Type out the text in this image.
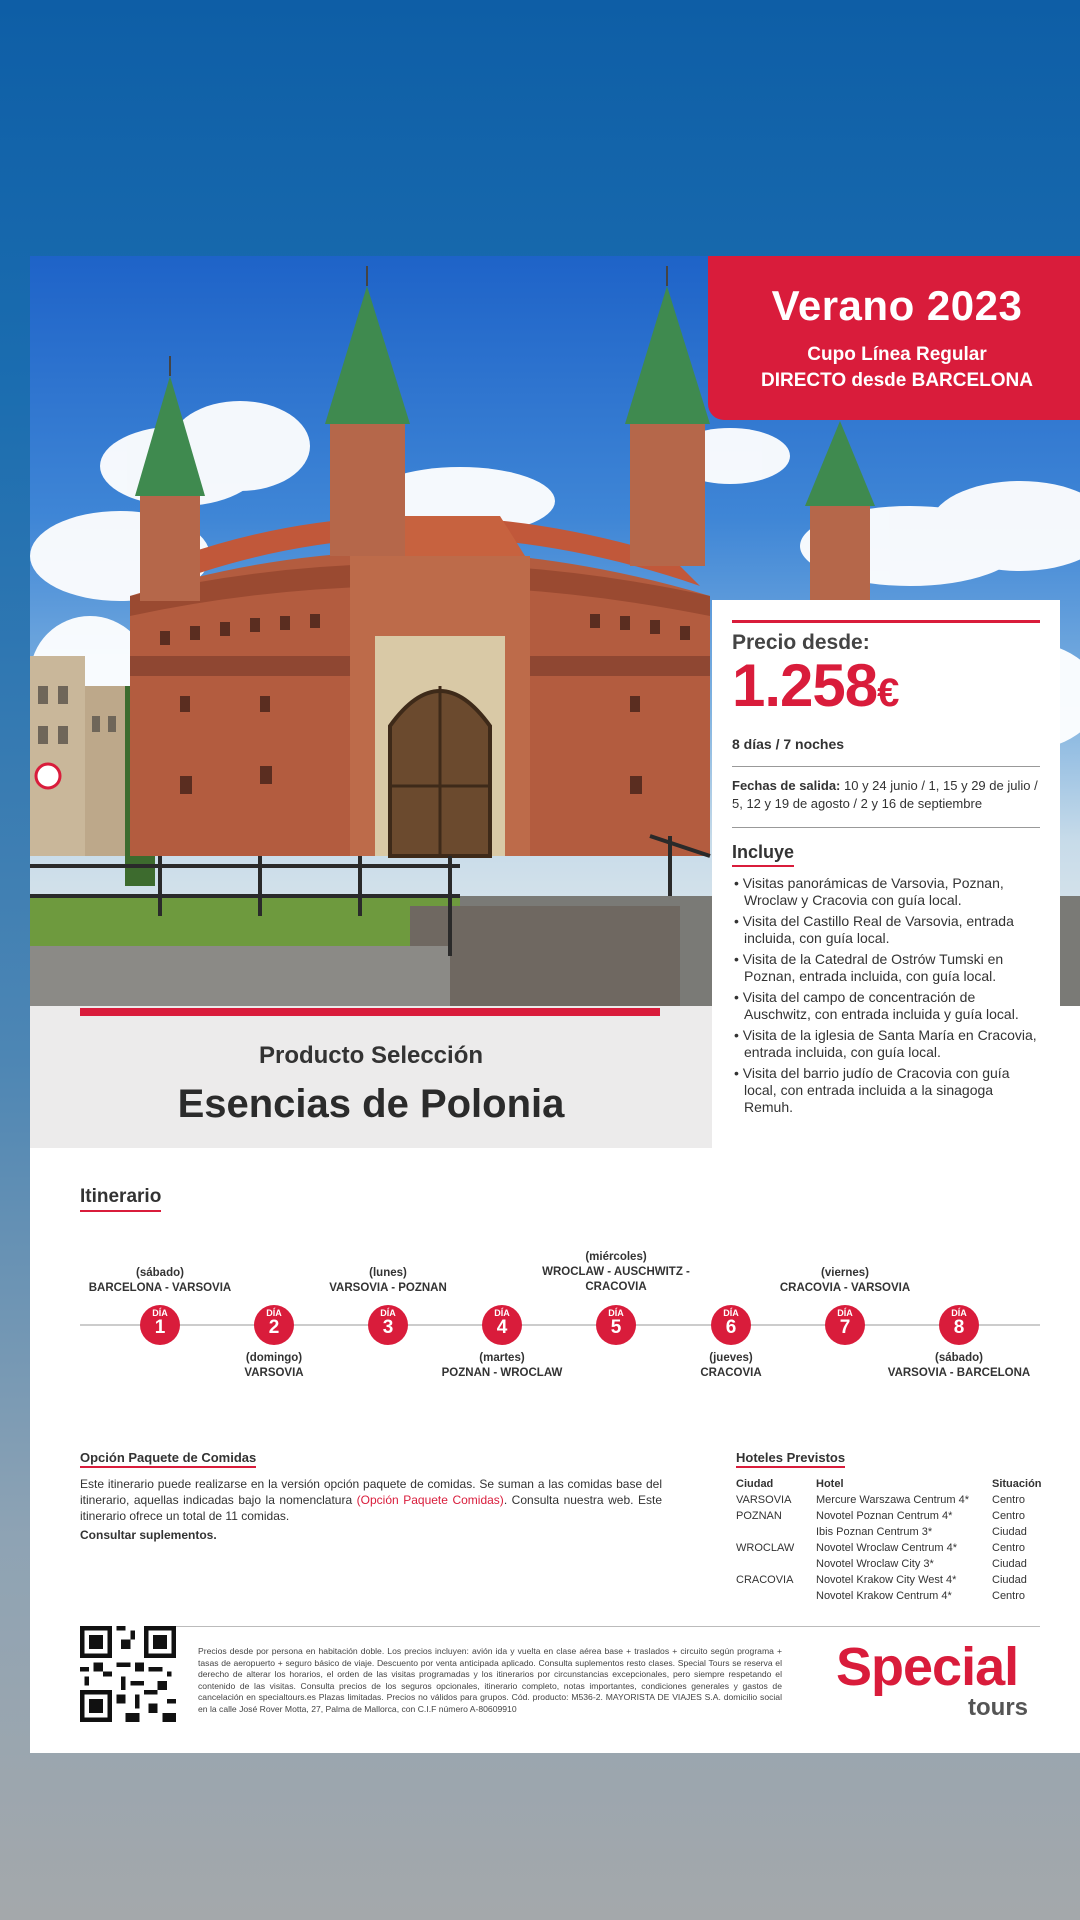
Verano 2023
Cupo Línea Regular
DIRECTO desde BARCELONA
Precio desde:
1.258€
8 días / 7 noches
Fechas de salida: 10 y 24 junio / 1, 15 y 29 de julio / 5, 12 y 19 de agosto / 2 y 16 de septiembre
Incluye
• Visitas panorámicas de Varsovia, Poznan, Wroclaw y Cracovia con guía local.
• Visita del Castillo Real de Varsovia, entrada incluida, con guía local.
• Visita de la Catedral de Ostrów Tumski en Poznan, entrada incluida, con guía local.
• Visita del campo de concentración de Auschwitz, con entrada incluida y guía local.
• Visita de la iglesia de Santa María en Cracovia, entrada incluida, con guía local.
• Visita del barrio judío de Cracovia con guía local, con entrada incluida a la sinagoga Remuh.
Producto Selección
Esencias de Polonia
Itinerario
(sábado)
BARCELONA - VARSOVIA
(lunes)
VARSOVIA - POZNAN
(miércoles)
WROCLAW - AUSCHWITZ -
CRACOVIA
(viernes)
CRACOVIA - VARSOVIA
(domingo)
VARSOVIA
(martes)
POZNAN - WROCLAW
(jueves)
CRACOVIA
(sábado)
VARSOVIA - BARCELONA
DÍA
1
DÍA
2
DÍA
3
DÍA
4
DÍA
5
DÍA
6
DÍA
7
DÍA
8
Opción Paquete de Comidas
Este itinerario puede realizarse en la versión opción paquete de comidas. Se suman a las comidas base del itinerario, aquellas indicadas bajo la nomenclatura (Opción Paquete Comidas). Consulta nuestra web. Este itinerario ofrece un total de 11 comidas.
Consultar suplementos.
Hoteles Previstos
Ciudad	Hotel	Situación
VARSOVIA	Mercure Warszawa Centrum 4*	Centro
POZNAN	Novotel Poznan Centrum 4*	Centro
	Ibis Poznan Centrum 3*	Ciudad
WROCLAW	Novotel Wroclaw Centrum 4*	Centro
	Novotel Wroclaw City 3*	Ciudad
CRACOVIA	Novotel Krakow City West 4*	Ciudad
	Novotel Krakow Centrum 4*	Centro
Precios desde por persona en habitación doble. Los precios incluyen: avión ida y vuelta en clase aérea base + traslados + circuito según programa + tasas de aeropuerto + seguro básico de viaje. Descuento por venta anticipada aplicado. Consulta suplementos resto clases. Special Tours se reserva el derecho de alterar los horarios, el orden de las visitas programadas y los itinerarios por circunstancias excepcionales, pero siempre respetando el contenido de las visitas. Consulta precios de los seguros opcionales, itinerario completo, notas importantes, condiciones generales y gastos de cancelación en specialtours.es Plazas limitadas. Precios no válidos para grupos. Cód. producto: M536-2. MAYORISTA DE VIAJES S.A. domicilio social en la calle José Rover Motta, 27, Palma de Mallorca, con C.I.F número A-80609910
Special
tours
